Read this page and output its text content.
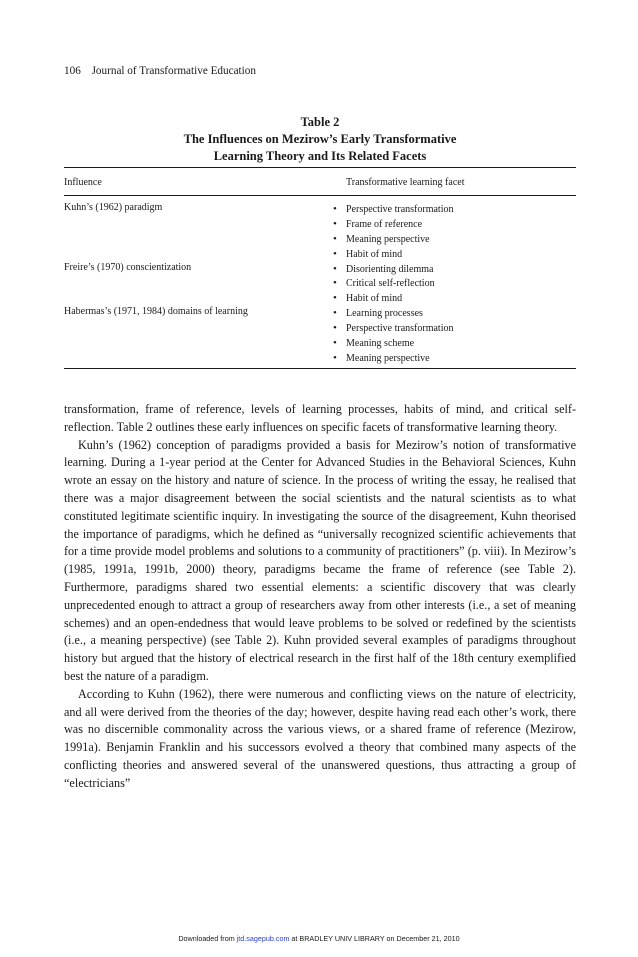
106 Journal of Transformative Education
Table 2
The Influences on Mezirow’s Early Transformative
Learning Theory and Its Related Facets
Influence	Transformative learning facet
Kuhn’s (1962) paradigm
Freire’s (1970) conscientization
Habermas’s (1971, 1984) domains of learning
• Perspective transformation
• Frame of reference
• Meaning perspective
• Habit of mind
• Disorienting dilemma
• Critical self-reflection
• Habit of mind
• Learning processes
• Perspective transformation
• Meaning scheme
• Meaning perspective

transformation, frame of reference, levels of learning processes, habits of mind, and critical self-reflection. Table 2 outlines these early influences on specific facets of transformative learning theory.

Kuhn’s (1962) conception of paradigms provided a basis for Mezirow’s notion of transformative learning. During a 1-year period at the Center for Advanced Studies in the Behavioral Sciences, Kuhn wrote an essay on the history and nature of science. In the process of writing the essay, he realised that there was a major disagreement between the social scientists and the natural scientists as to what constituted legitimate scientific inquiry. In investigating the source of the disagreement, Kuhn theorised the importance of paradigms, which he defined as “universally recognized scientific achievements that for a time provide model problems and solutions to a community of practitioners” (p. viii). In Mezirow’s (1985, 1991a, 1991b, 2000) theory, paradigms became the frame of reference (see Table 2). Furthermore, paradigms shared two essential elements: a scientific discovery that was clearly unprecedented enough to attract a group of researchers away from other interests (i.e., a set of meaning schemes) and an open-endedness that would leave problems to be solved or redefined by the scientists (i.e., a meaning perspective) (see Table 2). Kuhn provided several examples of paradigms throughout history but argued that the history of electrical research in the first half of the 18th century exemplified best the nature of a paradigm.

According to Kuhn (1962), there were numerous and conflicting views on the nature of electricity, and all were derived from the theories of the day; however, despite having read each other’s work, there was no discernible commonality across the various views, or a shared frame of reference (Mezirow, 1991a). Benjamin Franklin and his successors evolved a theory that combined many aspects of the conflicting theories and answered several of the unanswered questions, thus attracting a group of “electricians”

Downloaded from jtd.sagepub.com at BRADLEY UNIV LIBRARY on December 21, 2010
